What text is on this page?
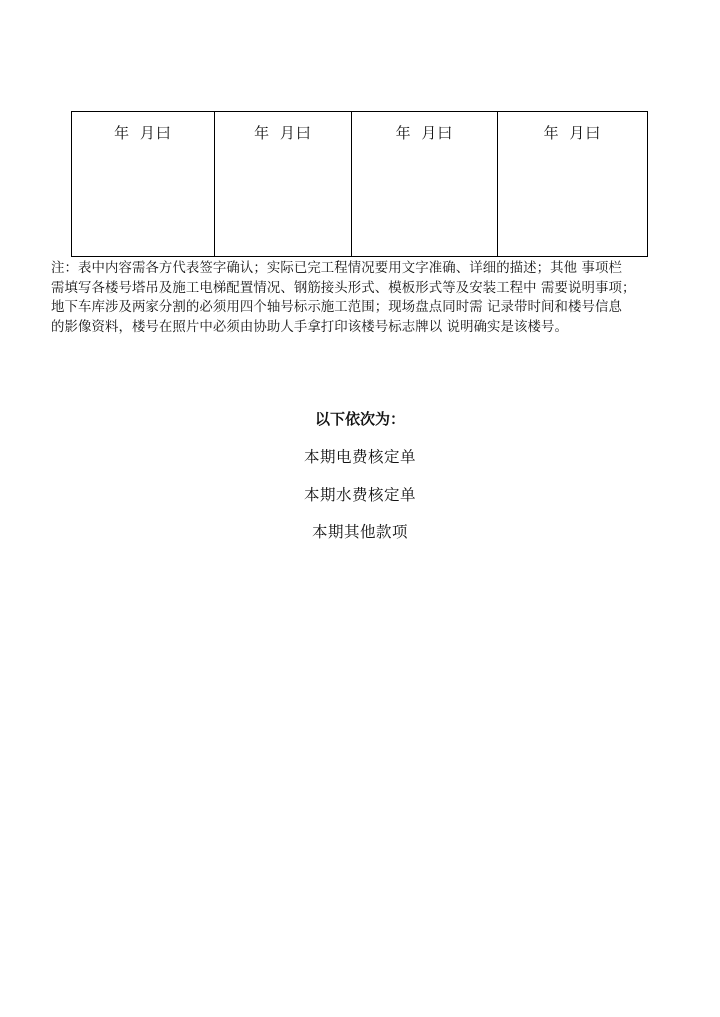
年 月曰	年 月曰	年 月曰	年 月曰
注：表中内容需各方代表签字确认；实际已完工程情况要用文字准确、详细的描述；其他 事项栏
需填写各楼号塔吊及施工电梯配置情况、钢筋接头形式、模板形式等及安装工程中 需要说明事项；
地下车库涉及两家分割的必须用四个轴号标示施工范围；现场盘点同时需 记录带时间和楼号信息
的影像资料，楼号在照片中必须由协助人手拿打印该楼号标志牌以 说明确实是该楼号。
以下依次为：
本期电费核定单
本期水费核定单
本期其他款项
